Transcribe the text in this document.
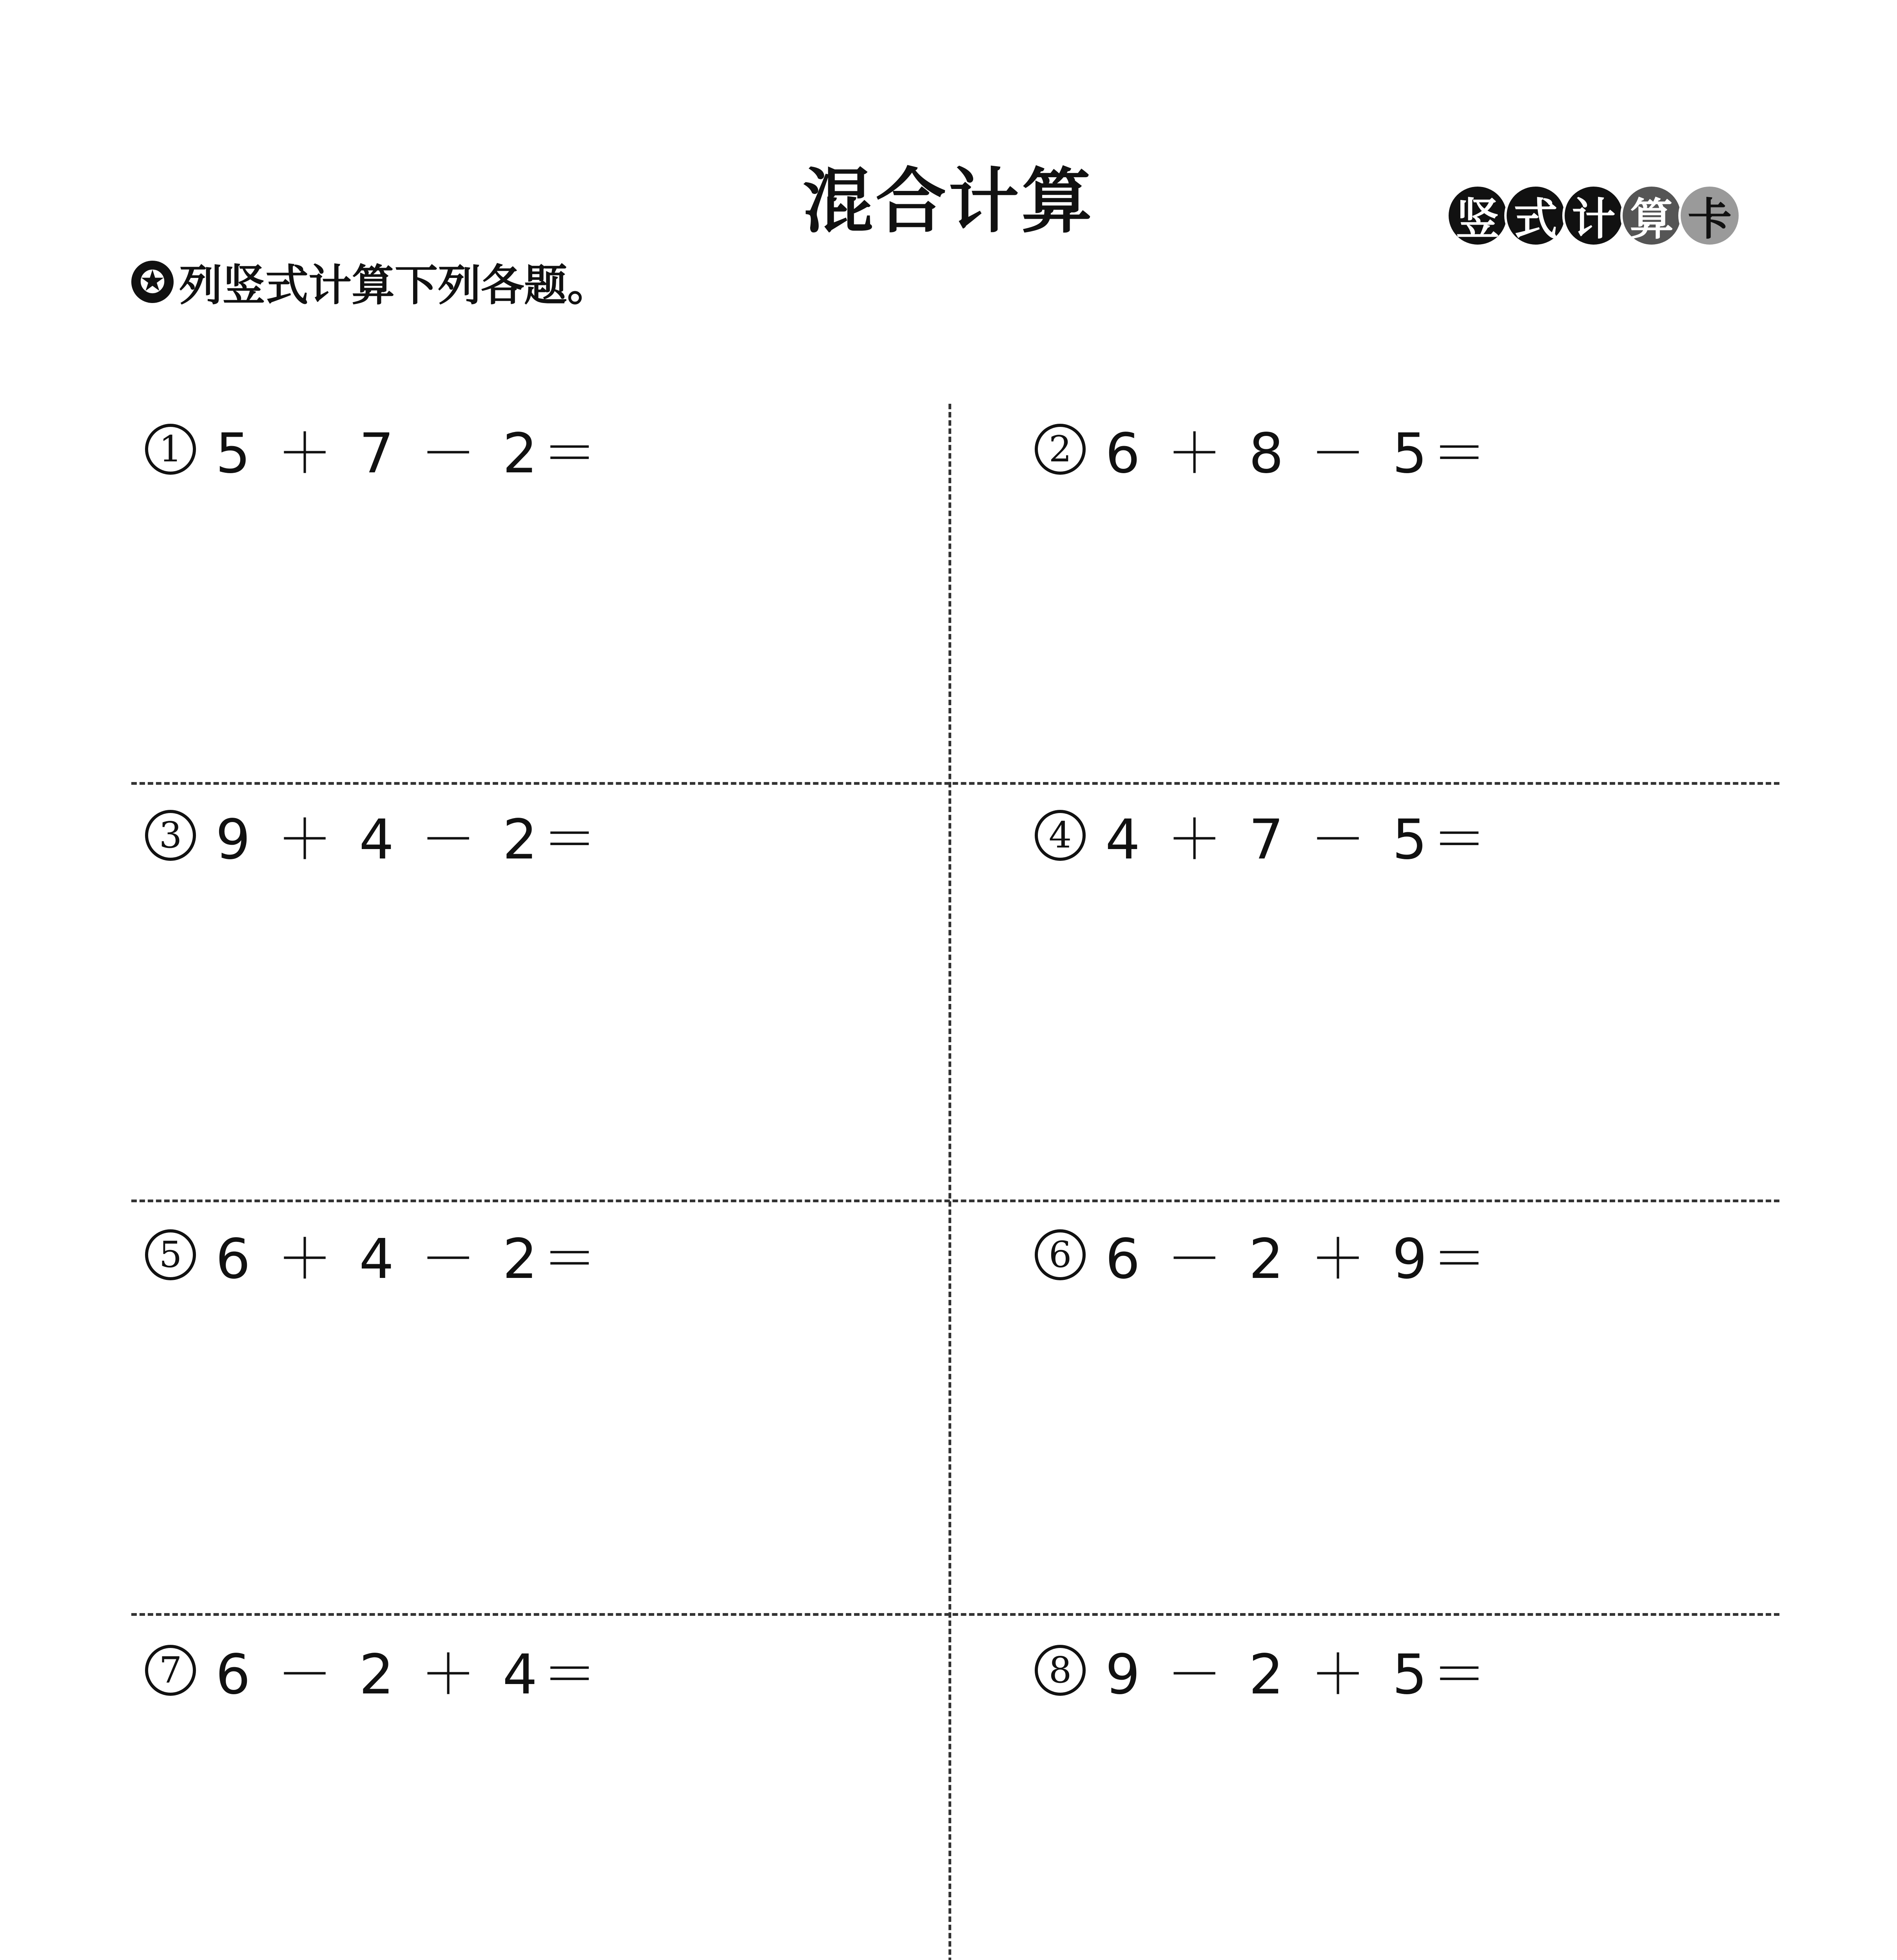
混合计算	竖 式 计 算 卡
✪ 列竖式计算下列各题。
1 5 ＋ 7 － 2＝
3 9 ＋ 4 － 2＝
5 6 ＋ 4 － 2＝
7 6 － 2 ＋ 4＝
2 6 ＋ 8 － 5＝
4 4 ＋ 7 － 5＝
6 6 － 2 ＋ 9＝
8 9 － 2 ＋ 5＝
